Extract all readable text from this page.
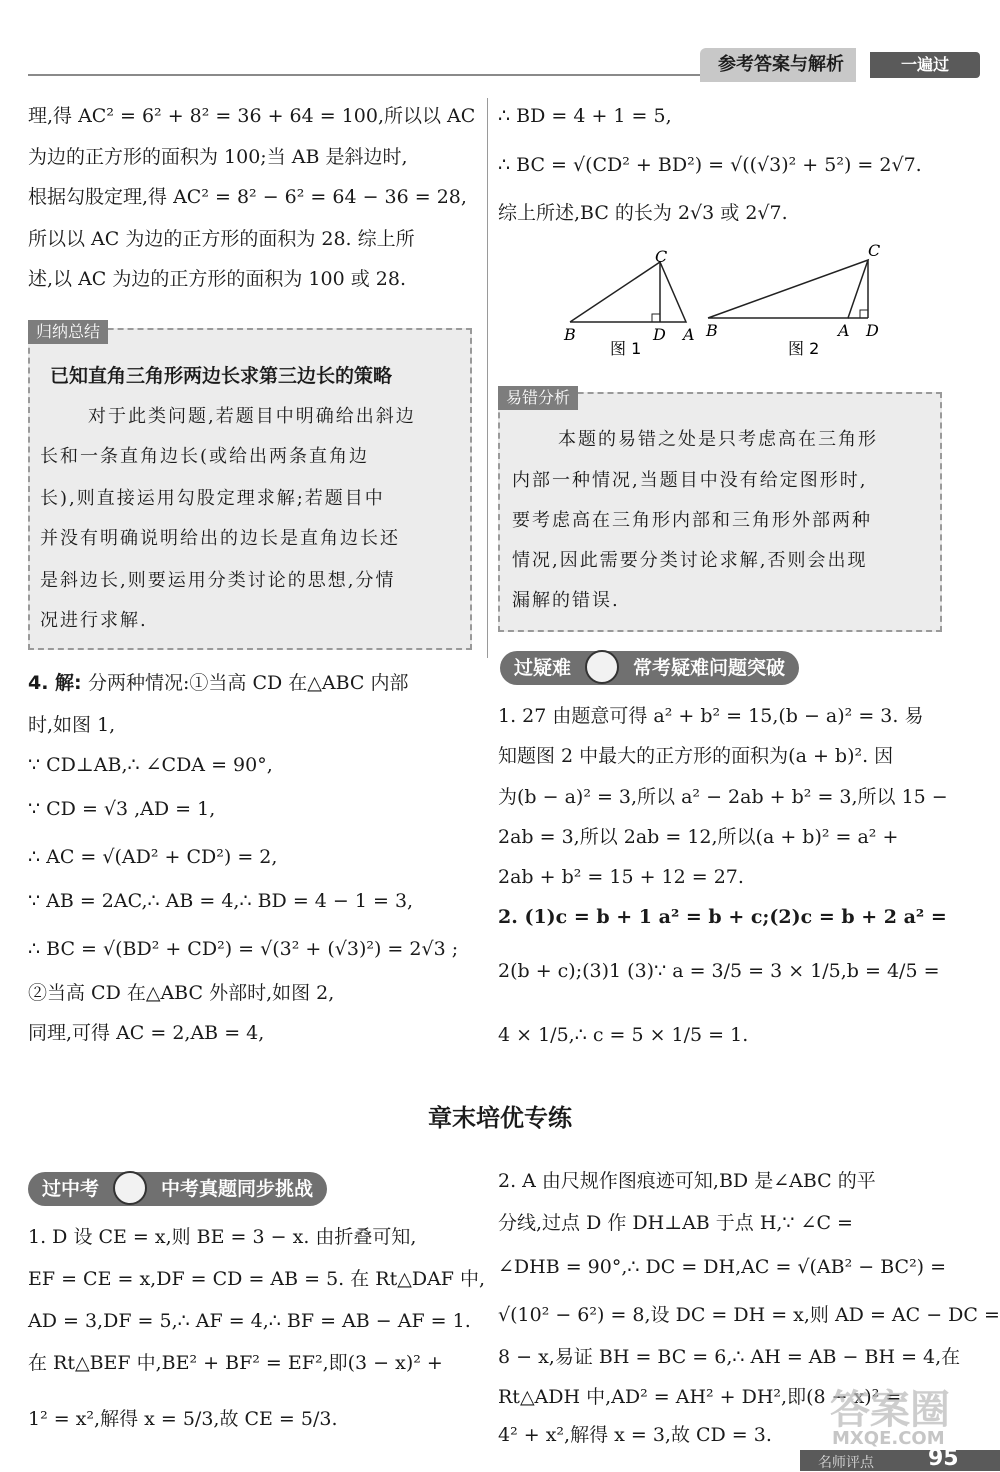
参考答案与解析	一遍过
理,得 AC² = 6² + 8² = 36 + 64 = 100,所以以 AC
为边的正方形的面积为 100;当 AB 是斜边时,
根据勾股定理,得 AC² = 8² − 6² = 64 − 36 = 28,
所以以 AC 为边的正方形的面积为 28. 综上所
述,以 AC 为边的正方形的面积为 100 或 28.
归纳总结
已知直角三角形两边长求第三边长的策略
对于此类问题,若题目中明确给出斜边
长和一条直角边长(或给出两条直角边
长),则直接运用勾股定理求解;若题目中
并没有明确说明给出的边长是直角边长还
是斜边长,则要运用分类讨论的思想,分情
况进行求解.
4. 解: 分两种情况:①当高 CD 在△ABC 内部
时,如图 1,
∵ CD⊥AB,∴ ∠CDA = 90°,
∵ CD = √3 ,AD = 1,
∴ AC = √(AD² + CD²) = 2,
∵ AB = 2AC,∴ AB = 4,∴ BD = 4 − 1 = 3,
∴ BC = √(BD² + CD²) = √(3² + (√3)²) = 2√3 ;
②当高 CD 在△ABC 外部时,如图 2,
同理,可得 AC = 2,AB = 4,
∴ BD = 4 + 1 = 5,
∴ BC = √(CD² + BD²) = √((√3)² + 5²) = 2√7.
综上所述,BC 的长为 2√3 或 2√7.
C
B	D A
图 1
C
B	A D
图 2
易错分析
本题的易错之处是只考虑高在三角形
内部一种情况,当题目中没有给定图形时,
要考虑高在三角形内部和三角形外部两种
情况,因此需要分类讨论求解,否则会出现
漏解的错误.
过疑难	常考疑难问题突破
1. 27 由题意可得 a² + b² = 15,(b − a)² = 3. 易
知题图 2 中最大的正方形的面积为(a + b)². 因
为(b − a)² = 3,所以 a² − 2ab + b² = 3,所以 15 −
2ab = 3,所以 2ab = 12,所以(a + b)² = a² +
2ab + b² = 15 + 12 = 27.
2. (1)c = b + 1 a² = b + c;(2)c = b + 2 a² =
2(b + c);(3)1 (3)∵ a = 3/5 = 3 × 1/5,b = 4/5 =
4 × 1/5,∴ c = 5 × 1/5 = 1.
章末培优专练
过中考	中考真题同步挑战
1. D 设 CE = x,则 BE = 3 − x. 由折叠可知,
EF = CE = x,DF = CD = AB = 5. 在 Rt△DAF 中,
AD = 3,DF = 5,∴ AF = 4,∴ BF = AB − AF = 1.
在 Rt△BEF 中,BE² + BF² = EF²,即(3 − x)² +
1² = x²,解得 x = 5/3,故 CE = 5/3.
2. A 由尺规作图痕迹可知,BD 是∠ABC 的平
分线,过点 D 作 DH⊥AB 于点 H,∵ ∠C =
∠DHB = 90°,∴ DC = DH,AC = √(AB² − BC²) =
√(10² − 6²) = 8,设 DC = DH = x,则 AD = AC − DC =
8 − x,易证 BH = BC = 6,∴ AH = AB − BH = 4,在
Rt△ADH 中,AD² = AH² + DH²,即(8 − x)² =
4² + x²,解得 x = 3,故 CD = 3.
名师评点 95
答案圈
MXQE.COM
